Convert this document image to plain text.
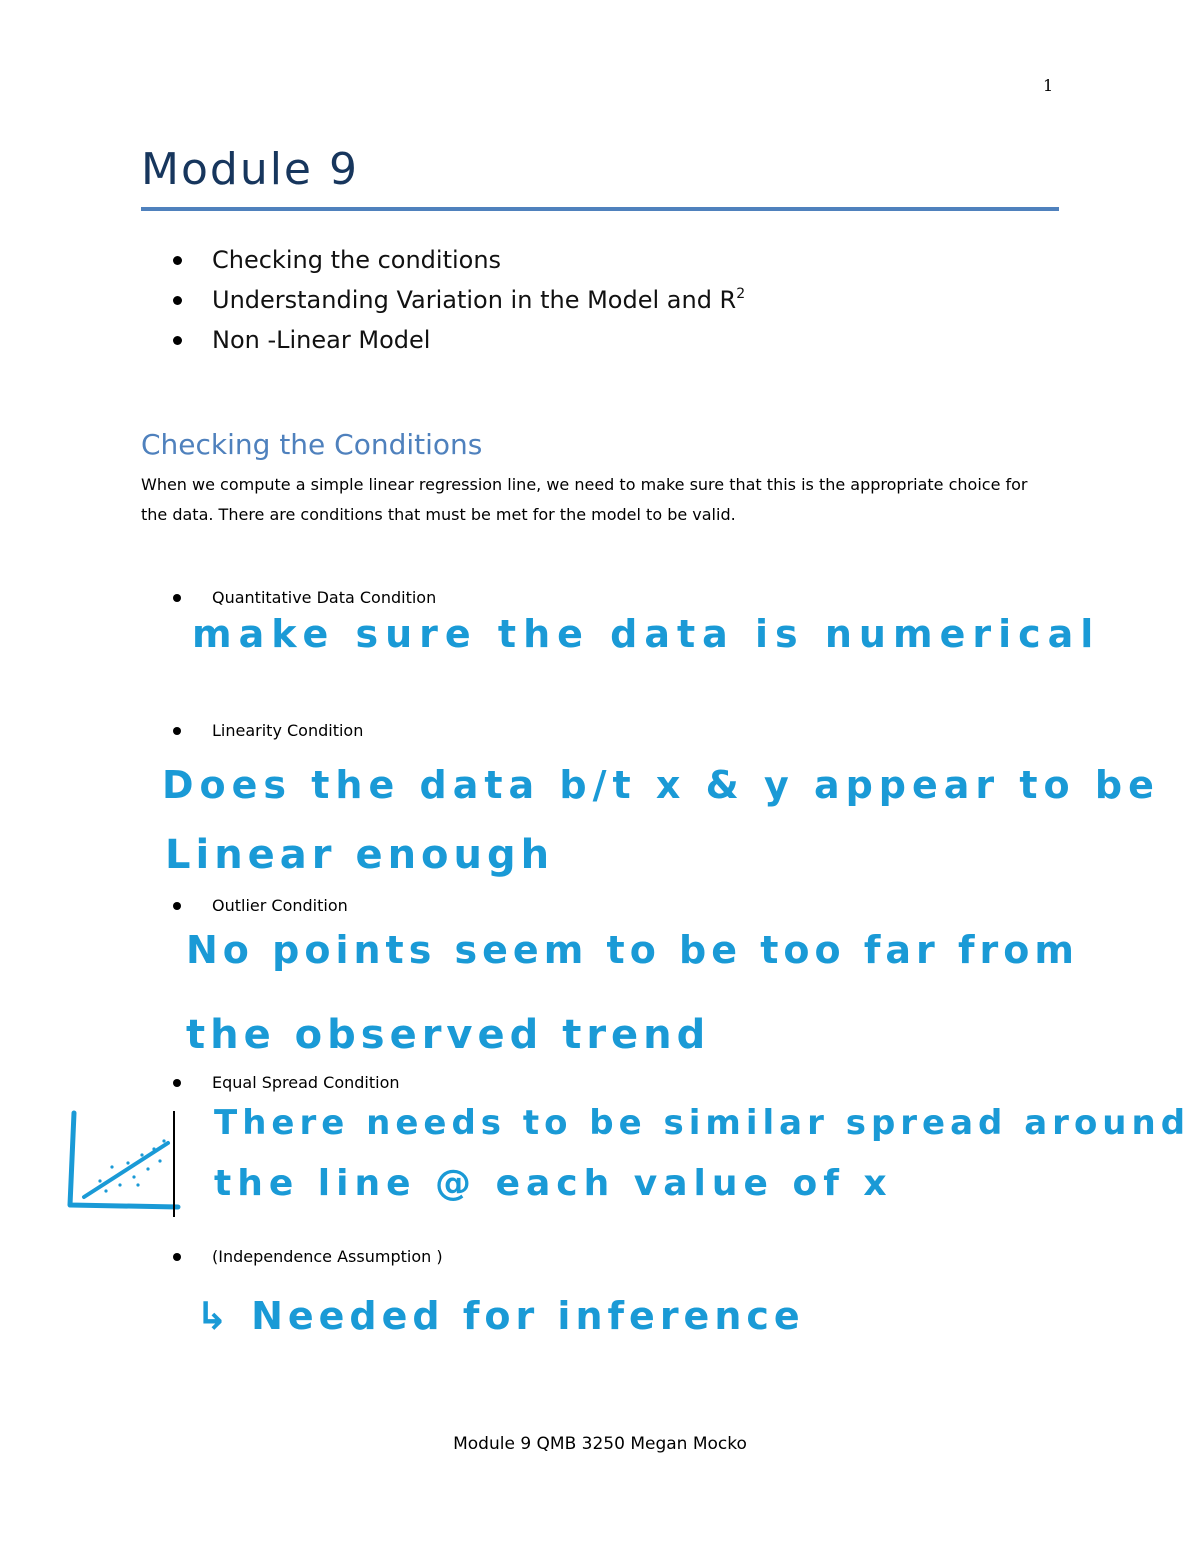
1
Module 9
Checking the conditions
Understanding Variation in the Model and $R^2$
Non -Linear Model
Checking the Conditions
When we compute a simple linear regression line, we need to make sure that this is the appropriate choice for the data. There are conditions that must be met for the model to be valid.
Quantitative Data Condition
make sure the data is numerical
Linearity Condition
Does the data b/t x & y appear to be
Linear enough
Outlier Condition
No points seem to be too far from
the observed trend
Equal Spread Condition
There needs to be similar spread around
the line @ each value of x
(Independence Assumption )
↳ Needed for inference
Module 9 QMB 3250 Megan Mocko
